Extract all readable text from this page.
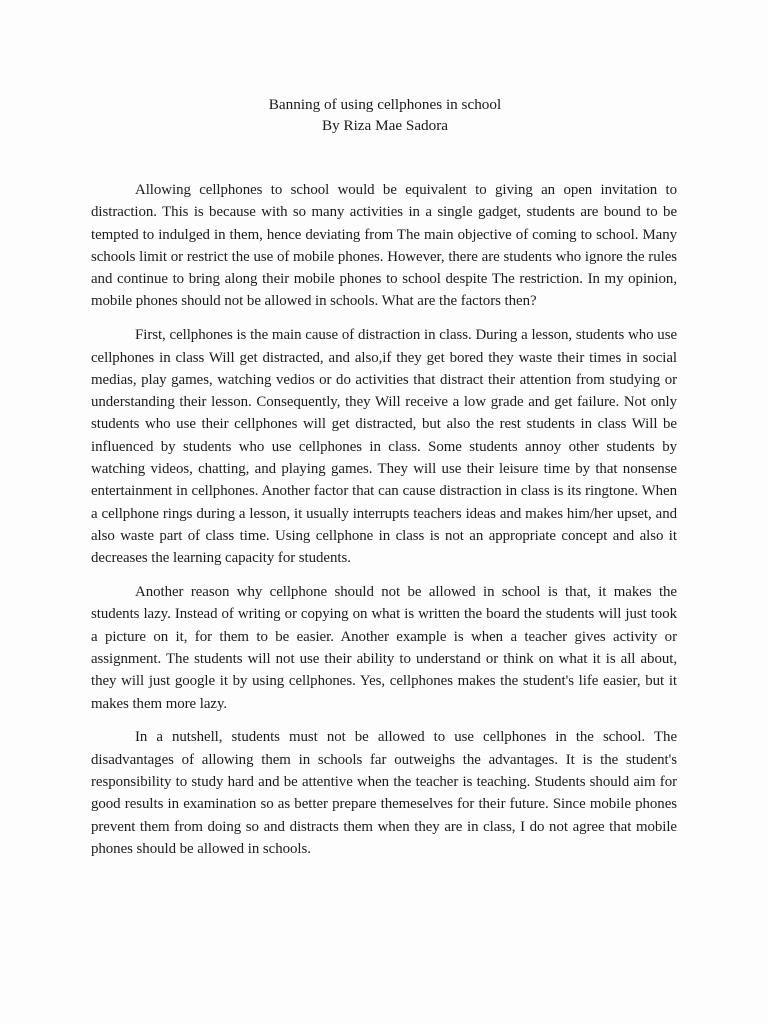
Banning of using cellphones in school
By Riza Mae Sadora

Allowing cellphones to school would be equivalent to giving an open invitation to distraction. This is because with so many activities in a single gadget, students are bound to be tempted to indulged in them, hence deviating from The main objective of coming to school. Many schools limit or restrict the use of mobile phones. However, there are students who ignore the rules and continue to bring along their mobile phones to school despite The restriction. In my opinion, mobile phones should not be allowed in schools. What are the factors then?

First, cellphones is the main cause of distraction in class. During a lesson, students who use cellphones in class Will get distracted, and also,if they get bored they waste their times in social medias, play games, watching vedios or do activities that distract their attention from studying or understanding their lesson. Consequently, they Will receive a low grade and get failure. Not only students who use their cellphones will get distracted, but also the rest students in class Will be influenced by students who use cellphones in class. Some students annoy other students by watching videos, chatting, and playing games. They will use their leisure time by that nonsense entertainment in cellphones. Another factor that can cause distraction in class is its ringtone. When a cellphone rings during a lesson, it usually interrupts teachers ideas and makes him/her upset, and also waste part of class time. Using cellphone in class is not an appropriate concept and also it decreases the learning capacity for students.

Another reason why cellphone should not be allowed in school is that, it makes the students lazy. Instead of writing or copying on what is written the board the students will just took a picture on it, for them to be easier. Another example is when a teacher gives activity or assignment. The students will not use their ability to understand or think on what it is all about, they will just google it by using cellphones. Yes, cellphones makes the student's life easier, but it makes them more lazy.

In a nutshell, students must not be allowed to use cellphones in the school. The disadvantages of allowing them in schools far outweighs the advantages. It is the student's responsibility to study hard and be attentive when the teacher is teaching. Students should aim for good results in examination so as better prepare themeselves for their future. Since mobile phones prevent them from doing so and distracts them when they are in class, I do not agree that mobile phones should be allowed in schools.
